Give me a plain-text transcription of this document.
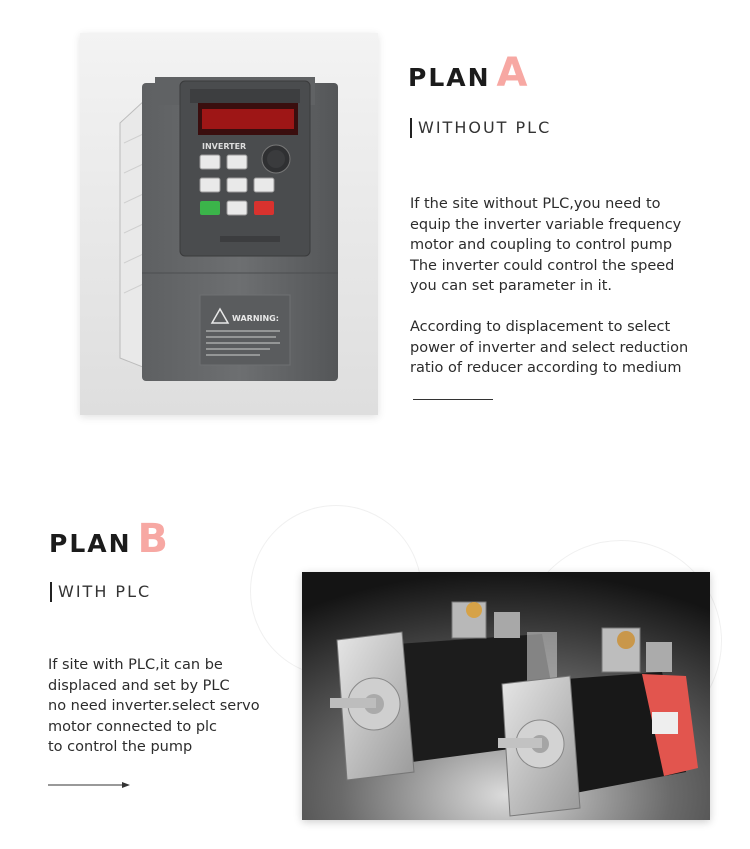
INVERTER
WARNING:
PLAN A
WITHOUT PLC
If the site without PLC,you need to
equip the inverter variable frequency
motor and coupling to control pump
The inverter could control the speed
you can set parameter in it.
According to displacement to select
power of inverter and select reduction
ratio of reducer according to medium
PLAN B
WITH PLC
If site with PLC,it can be
displaced and set by PLC
no need inverter.select servo
motor connected to plc
to control the pump
